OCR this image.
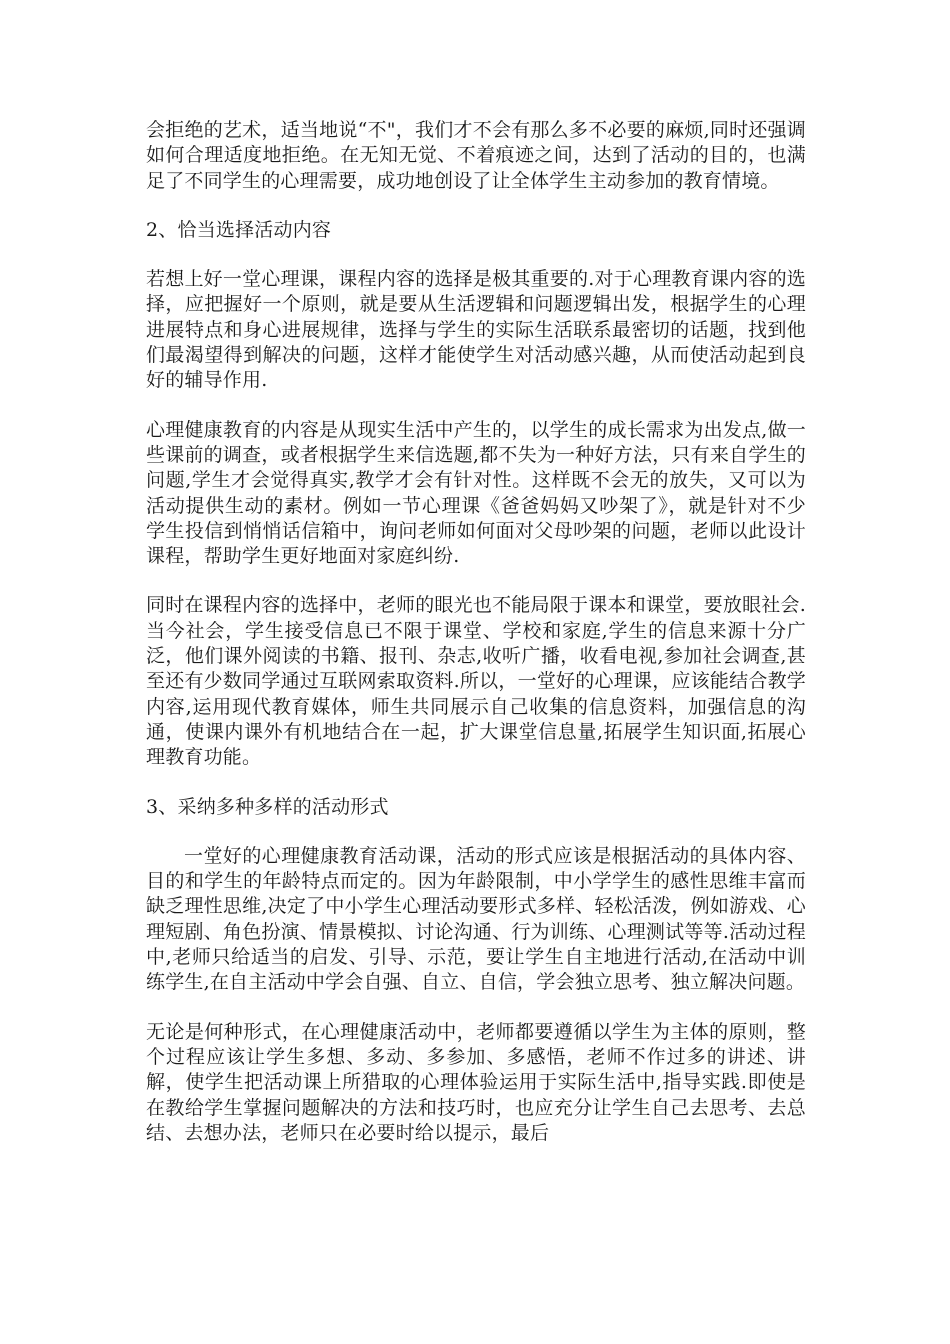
会拒绝的艺术，适当地说“不"，我们才不会有那么多不必要的麻烦,同时还强调如何合理适度地拒绝。在无知无觉、不着痕迹之间，达到了活动的目的，也满足了不同学生的心理需要，成功地创设了让全体学生主动参加的教育情境。

2、恰当选择活动内容

若想上好一堂心理课，课程内容的选择是极其重要的.对于心理教育课内容的选择，应把握好一个原则，就是要从生活逻辑和问题逻辑出发，根据学生的心理进展特点和身心进展规律，选择与学生的实际生活联系最密切的话题，找到他们最渴望得到解决的问题，这样才能使学生对活动感兴趣，从而使活动起到良好的辅导作用.

心理健康教育的内容是从现实生活中产生的，以学生的成长需求为出发点,做一些课前的调查，或者根据学生来信选题,都不失为一种好方法，只有来自学生的问题,学生才会觉得真实,教学才会有针对性。这样既不会无的放失，又可以为活动提供生动的素材。例如一节心理课《爸爸妈妈又吵架了》，就是针对不少学生投信到悄悄话信箱中，询问老师如何面对父母吵架的问题，老师以此设计课程，帮助学生更好地面对家庭纠纷.

同时在课程内容的选择中，老师的眼光也不能局限于课本和课堂，要放眼社会.当今社会，学生接受信息已不限于课堂、学校和家庭,学生的信息来源十分广泛，他们课外阅读的书籍、报刊、杂志,收听广播，收看电视,参加社会调查,甚至还有少数同学通过互联网索取资料.所以，一堂好的心理课，应该能结合教学内容,运用现代教育媒体，师生共同展示自己收集的信息资料，加强信息的沟通，使课内课外有机地结合在一起，扩大课堂信息量,拓展学生知识面,拓展心理教育功能。

3、采纳多种多样的活动形式

一堂好的心理健康教育活动课，活动的形式应该是根据活动的具体内容、目的和学生的年龄特点而定的。因为年龄限制，中小学学生的感性思维丰富而缺乏理性思维,决定了中小学生心理活动要形式多样、轻松活泼，例如游戏、心理短剧、角色扮演、情景模拟、讨论沟通、行为训练、心理测试等等.活动过程中,老师只给适当的启发、引导、示范，要让学生自主地进行活动,在活动中训练学生,在自主活动中学会自强、自立、自信，学会独立思考、独立解决问题。

无论是何种形式，在心理健康活动中，老师都要遵循以学生为主体的原则，整个过程应该让学生多想、多动、多参加、多感悟，老师不作过多的讲述、讲解，使学生把活动课上所猎取的心理体验运用于实际生活中,指导实践.即使是在教给学生掌握问题解决的方法和技巧时，也应充分让学生自己去思考、去总结、去想办法，老师只在必要时给以提示，最后
